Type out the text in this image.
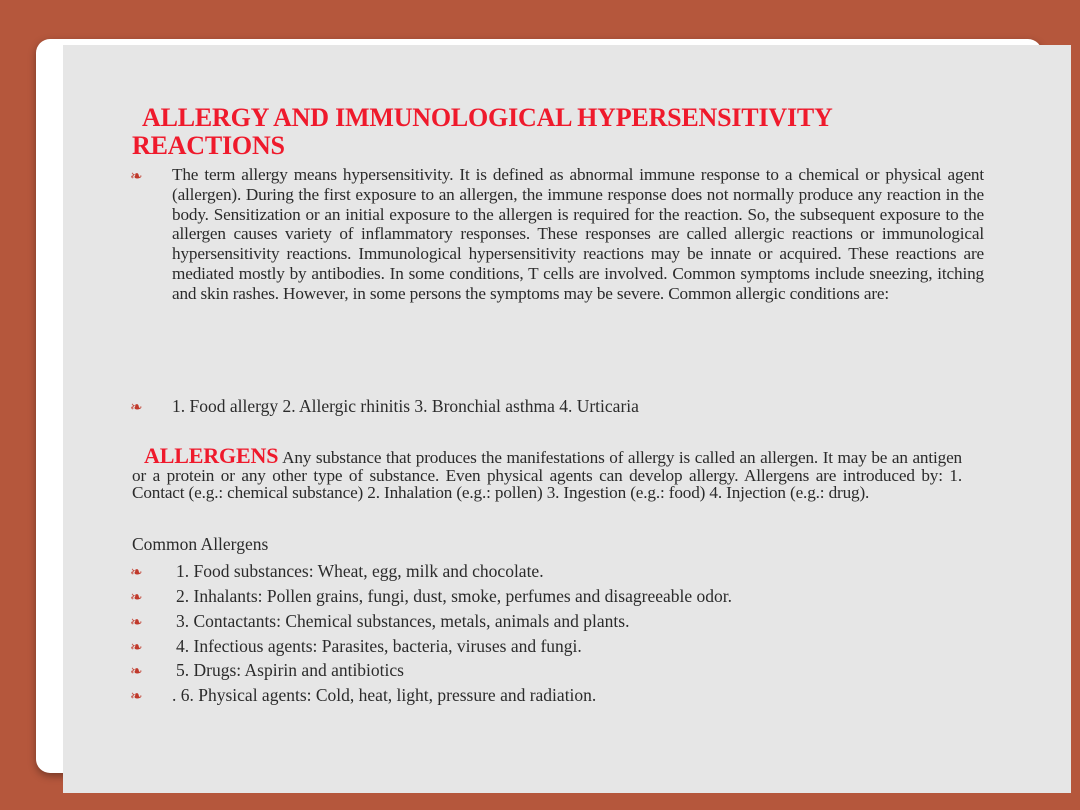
ALLERGY AND IMMUNOLOGICAL HYPERSENSITIVITY
REACTIONS
❧ The term allergy means hypersensitivity. It is defined as abnormal immune response to a chemical or physical agent (allergen). During the first exposure to an allergen, the immune response does not normally produce any reaction in the body. Sensitization or an initial exposure to the allergen is required for the reaction. So, the subsequent exposure to the allergen causes variety of inflammatory responses. These responses are called allergic reactions or immunological hypersensitivity reactions. Immunological hypersensitivity reactions may be innate or acquired. These reactions are mediated mostly by antibodies. In some conditions, T cells are involved. Common symptoms include sneezing, itching and skin rashes. However, in some persons the symptoms may be severe. Common allergic conditions are:
❧ 1. Food allergy 2. Allergic rhinitis 3. Bronchial asthma 4. Urticaria
ALLERGENS Any substance that produces the manifestations of allergy is called an allergen. It may be an antigen or a protein or any other type of substance. Even physical agents can develop allergy. Allergens are introduced by: 1. Contact (e.g.: chemical substance) 2. Inhalation (e.g.: pollen) 3. Ingestion (e.g.: food) 4. Injection (e.g.: drug).
Common Allergens
❧ 1. Food substances: Wheat, egg, milk and chocolate.
❧ 2. Inhalants: Pollen grains, fungi, dust, smoke, perfumes and disagreeable odor.
❧ 3. Contactants: Chemical substances, metals, animals and plants.
❧ 4. Infectious agents: Parasites, bacteria, viruses and fungi.
❧ 5. Drugs: Aspirin and antibiotics
❧ . 6. Physical agents: Cold, heat, light, pressure and radiation.
